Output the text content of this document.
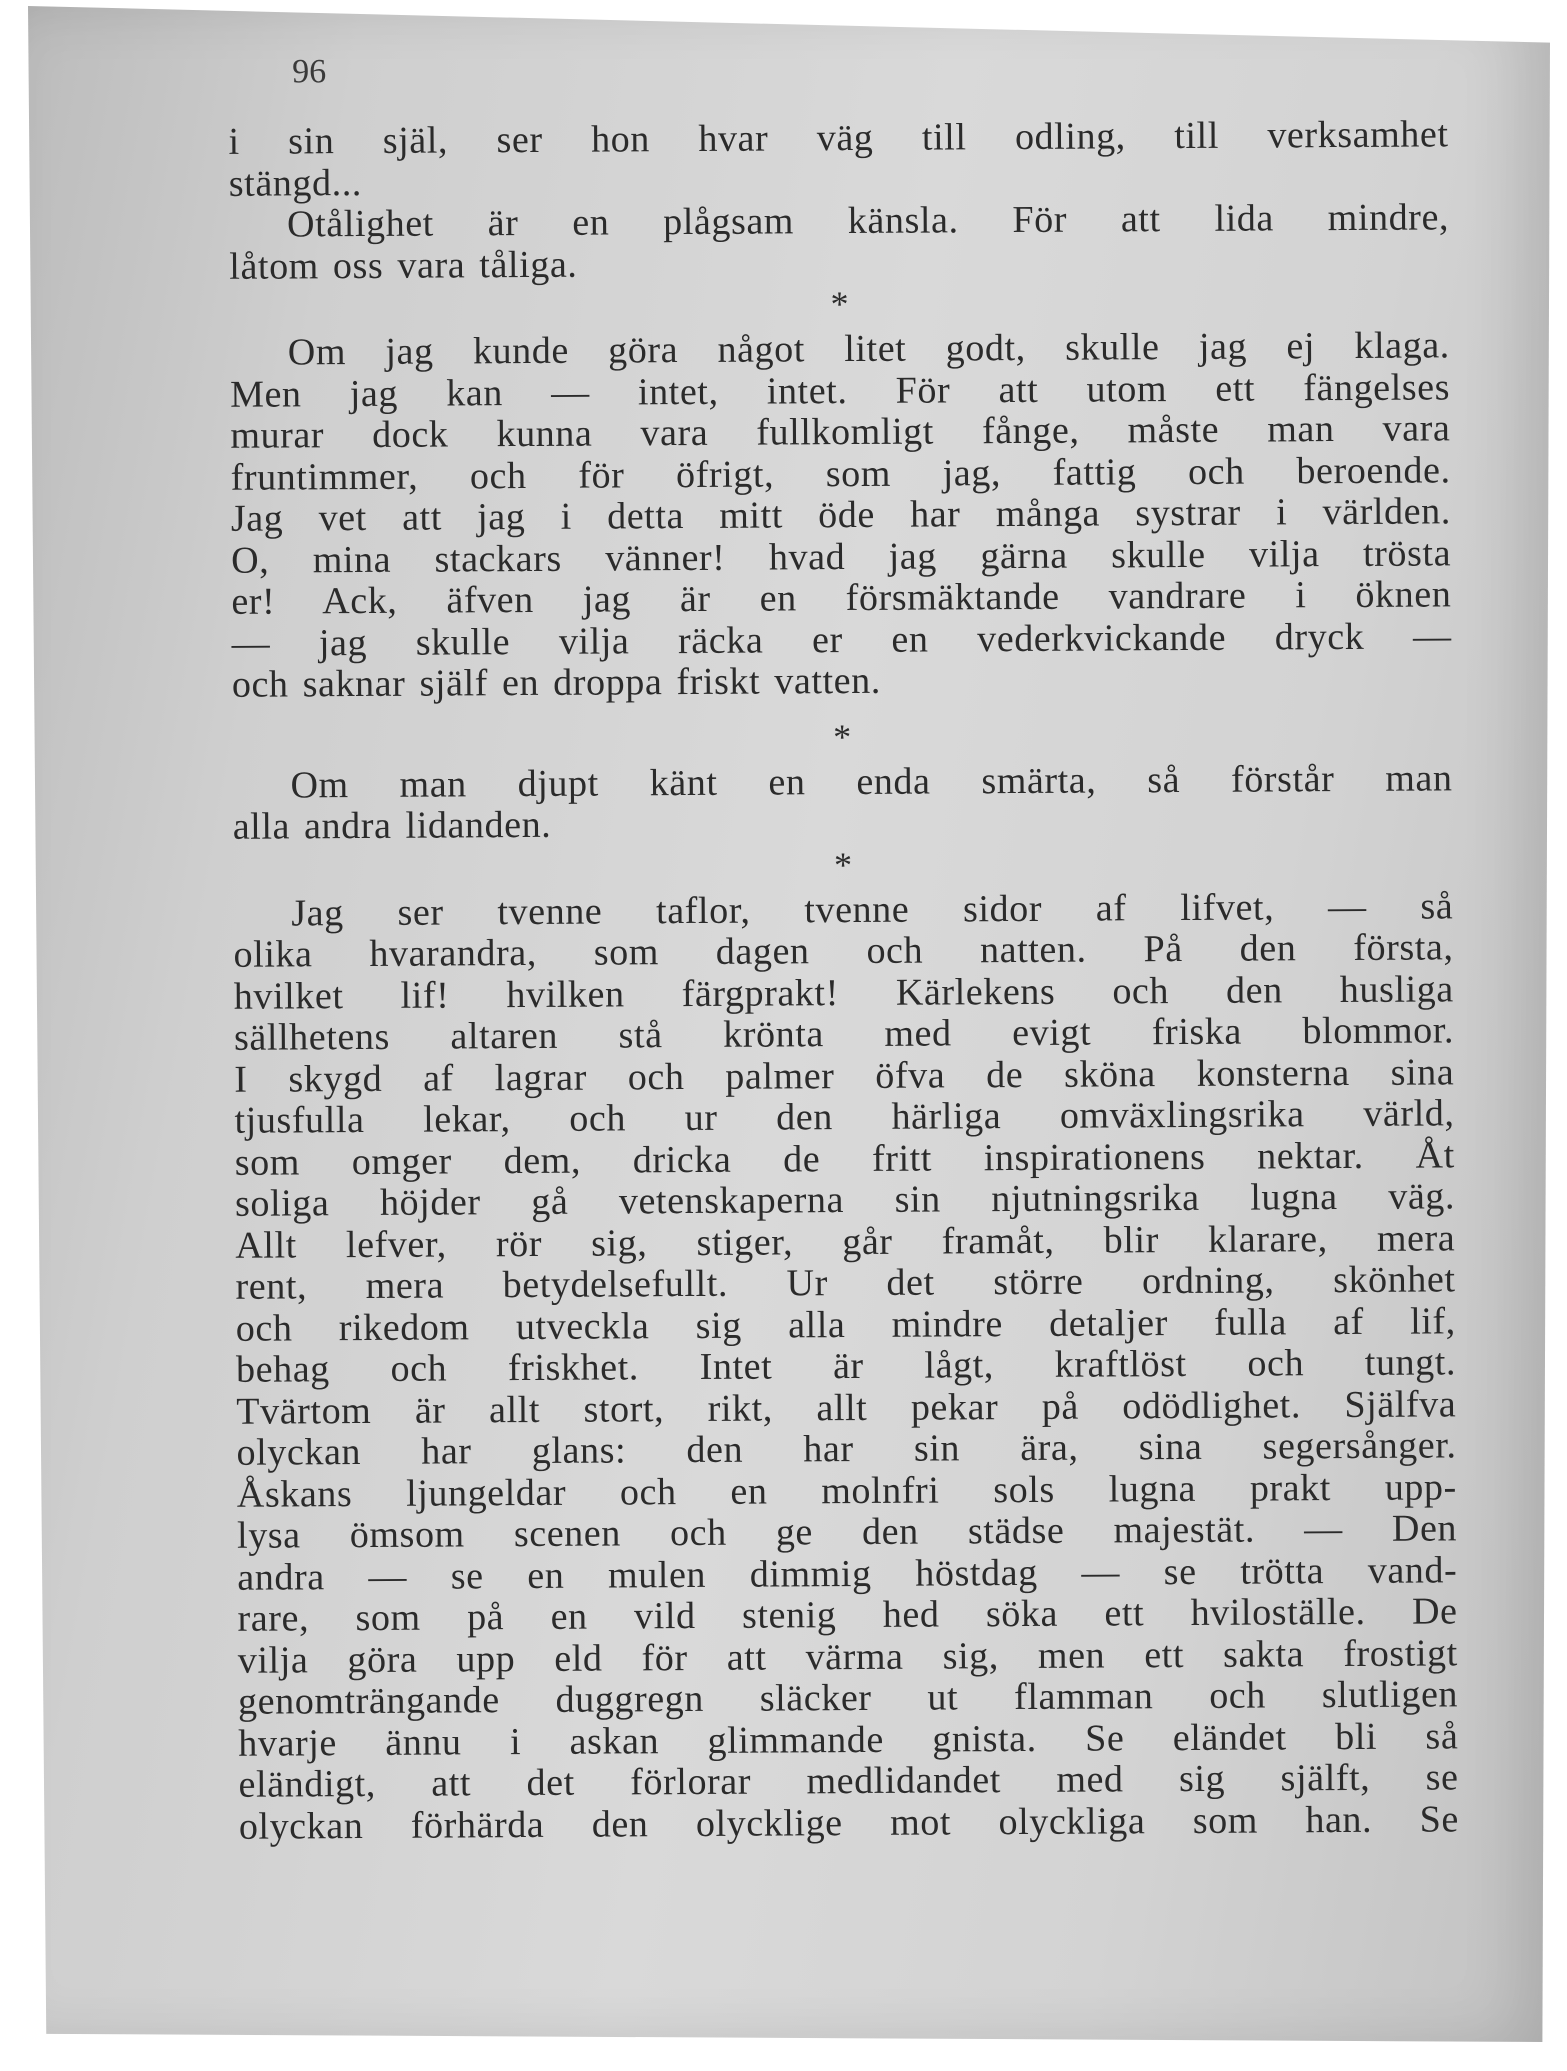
96
i sin själ, ser hon hvar väg till odling, till verksamhet
stängd...
Otålighet är en plågsam känsla. För att lida mindre,
låtom oss vara tåliga.
*
Om jag kunde göra något litet godt, skulle jag ej klaga.
Men jag kan — intet, intet. För att utom ett fängelses
murar dock kunna vara fullkomligt fånge, måste man vara
fruntimmer, och för öfrigt, som jag, fattig och beroende.
Jag vet att jag i detta mitt öde har många systrar i världen.
O, mina stackars vänner! hvad jag gärna skulle vilja trösta
er! Ack, äfven jag är en försmäktande vandrare i öknen
— jag skulle vilja räcka er en vederkvickande dryck —
och saknar själf en droppa friskt vatten.
*
Om man djupt känt en enda smärta, så förstår man
alla andra lidanden.
*
Jag ser tvenne taflor, tvenne sidor af lifvet, — så
olika hvarandra, som dagen och natten. På den första,
hvilket lif! hvilken färgprakt! Kärlekens och den husliga
sällhetens altaren stå krönta med evigt friska blommor.
I skygd af lagrar och palmer öfva de sköna konsterna sina
tjusfulla lekar, och ur den härliga omväxlingsrika värld,
som omger dem, dricka de fritt inspirationens nektar. Åt
soliga höjder gå vetenskaperna sin njutningsrika lugna väg.
Allt lefver, rör sig, stiger, går framåt, blir klarare, mera
rent, mera betydelsefullt. Ur det större ordning, skönhet
och rikedom utveckla sig alla mindre detaljer fulla af lif,
behag och friskhet. Intet är lågt, kraftlöst och tungt.
Tvärtom är allt stort, rikt, allt pekar på odödlighet. Själfva
olyckan har glans: den har sin ära, sina segersånger.
Åskans ljungeldar och en molnfri sols lugna prakt upp-
lysa ömsom scenen och ge den städse majestät. — Den
andra — se en mulen dimmig höstdag — se trötta vand-
rare, som på en vild stenig hed söka ett hviloställe. De
vilja göra upp eld för att värma sig, men ett sakta frostigt
genomträngande duggregn släcker ut flamman och slutligen
hvarje ännu i askan glimmande gnista. Se eländet bli så
eländigt, att det förlorar medlidandet med sig själft, se
olyckan förhärda den olycklige mot olyckliga som han. Se
